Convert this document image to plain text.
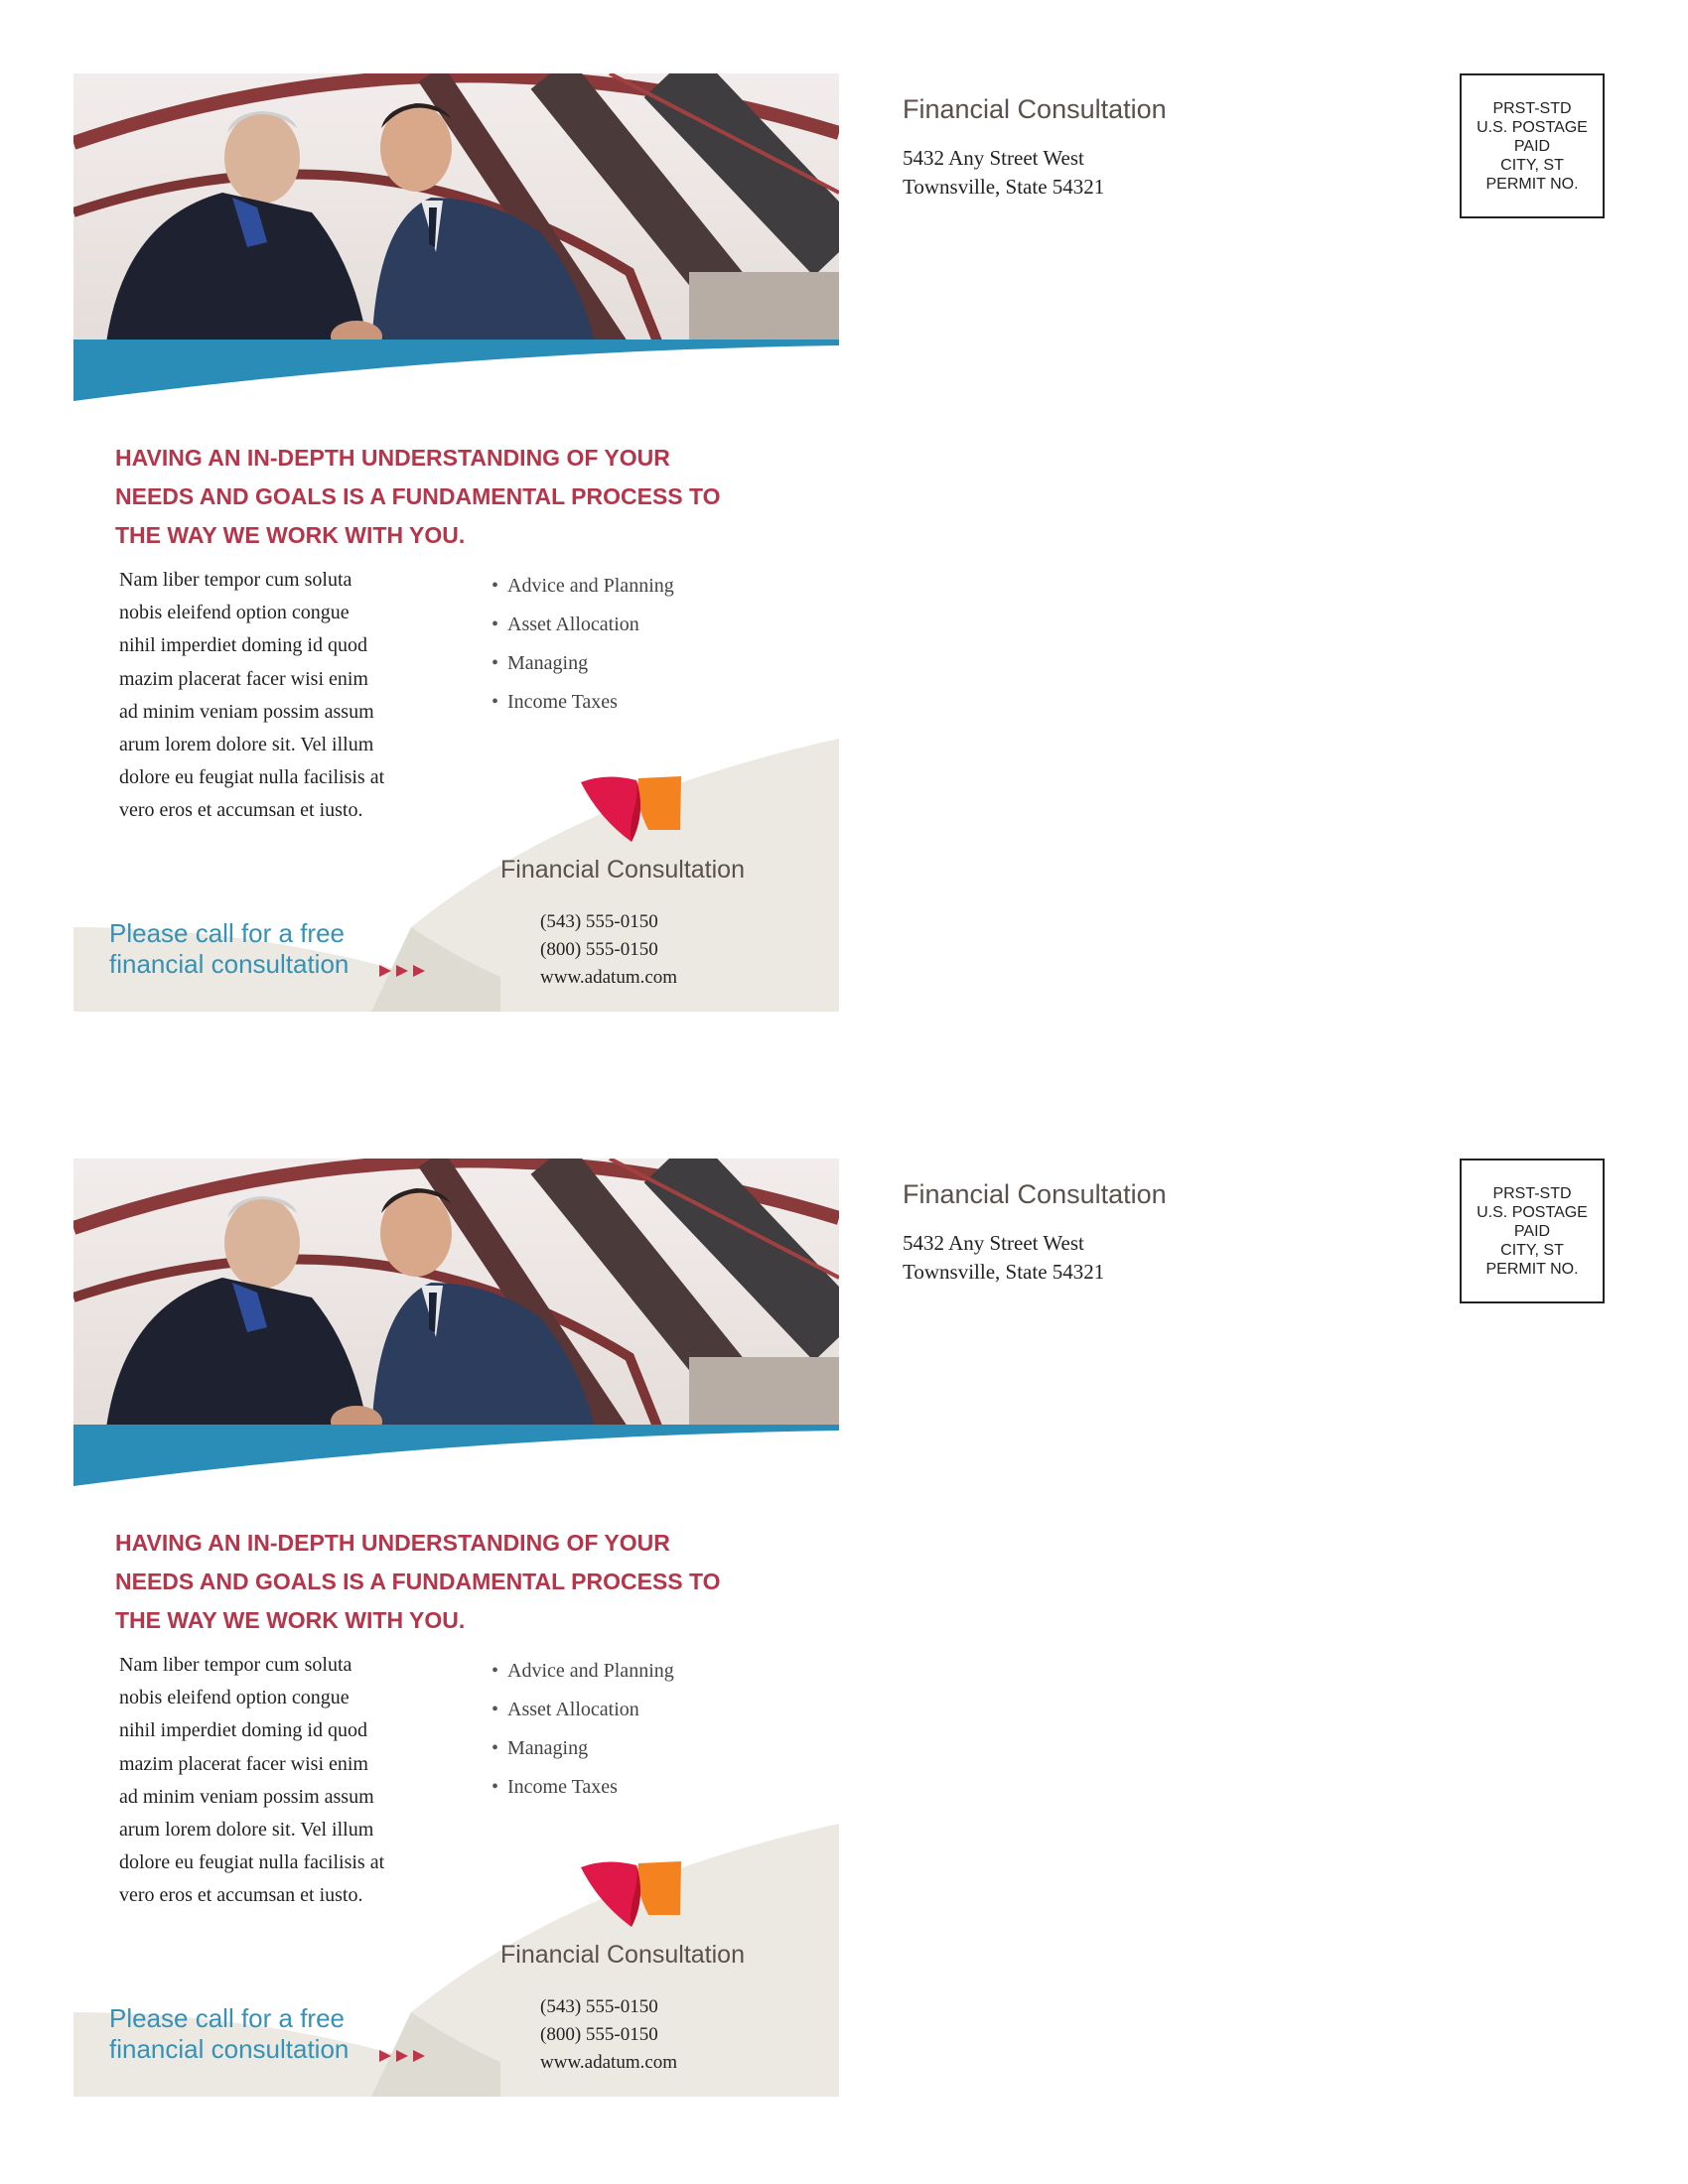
HAVING AN IN-DEPTH UNDERSTANDING OF YOUR
NEEDS AND GOALS IS A FUNDAMENTAL PROCESS TO
THE WAY WE WORK WITH YOU.
Nam liber tempor cum soluta
nobis eleifend option congue
nihil imperdiet doming id quod
mazim placerat facer wisi enim
ad minim veniam possim assum
arum lorem dolore sit. Vel illum
dolore eu feugiat nulla facilisis at
vero eros et accumsan et iusto.
• Advice and Planning
• Asset Allocation
• Managing
• Income Taxes
Financial Consultation
(543) 555-0150
(800) 555-0150
www.adatum.com
Please call for a free
financial consultation
Financial Consultation
5432 Any Street West
Townsville, State 54321
PRST-STD
U.S. POSTAGE
PAID
CITY, ST
PERMIT NO.
HAVING AN IN-DEPTH UNDERSTANDING OF YOUR
NEEDS AND GOALS IS A FUNDAMENTAL PROCESS TO
THE WAY WE WORK WITH YOU.
Nam liber tempor cum soluta
nobis eleifend option congue
nihil imperdiet doming id quod
mazim placerat facer wisi enim
ad minim veniam possim assum
arum lorem dolore sit. Vel illum
dolore eu feugiat nulla facilisis at
vero eros et accumsan et iusto.
• Advice and Planning
• Asset Allocation
• Managing
• Income Taxes
Financial Consultation
(543) 555-0150
(800) 555-0150
www.adatum.com
Please call for a free
financial consultation
Financial Consultation
5432 Any Street West
Townsville, State 54321
PRST-STD
U.S. POSTAGE
PAID
CITY, ST
PERMIT NO.
